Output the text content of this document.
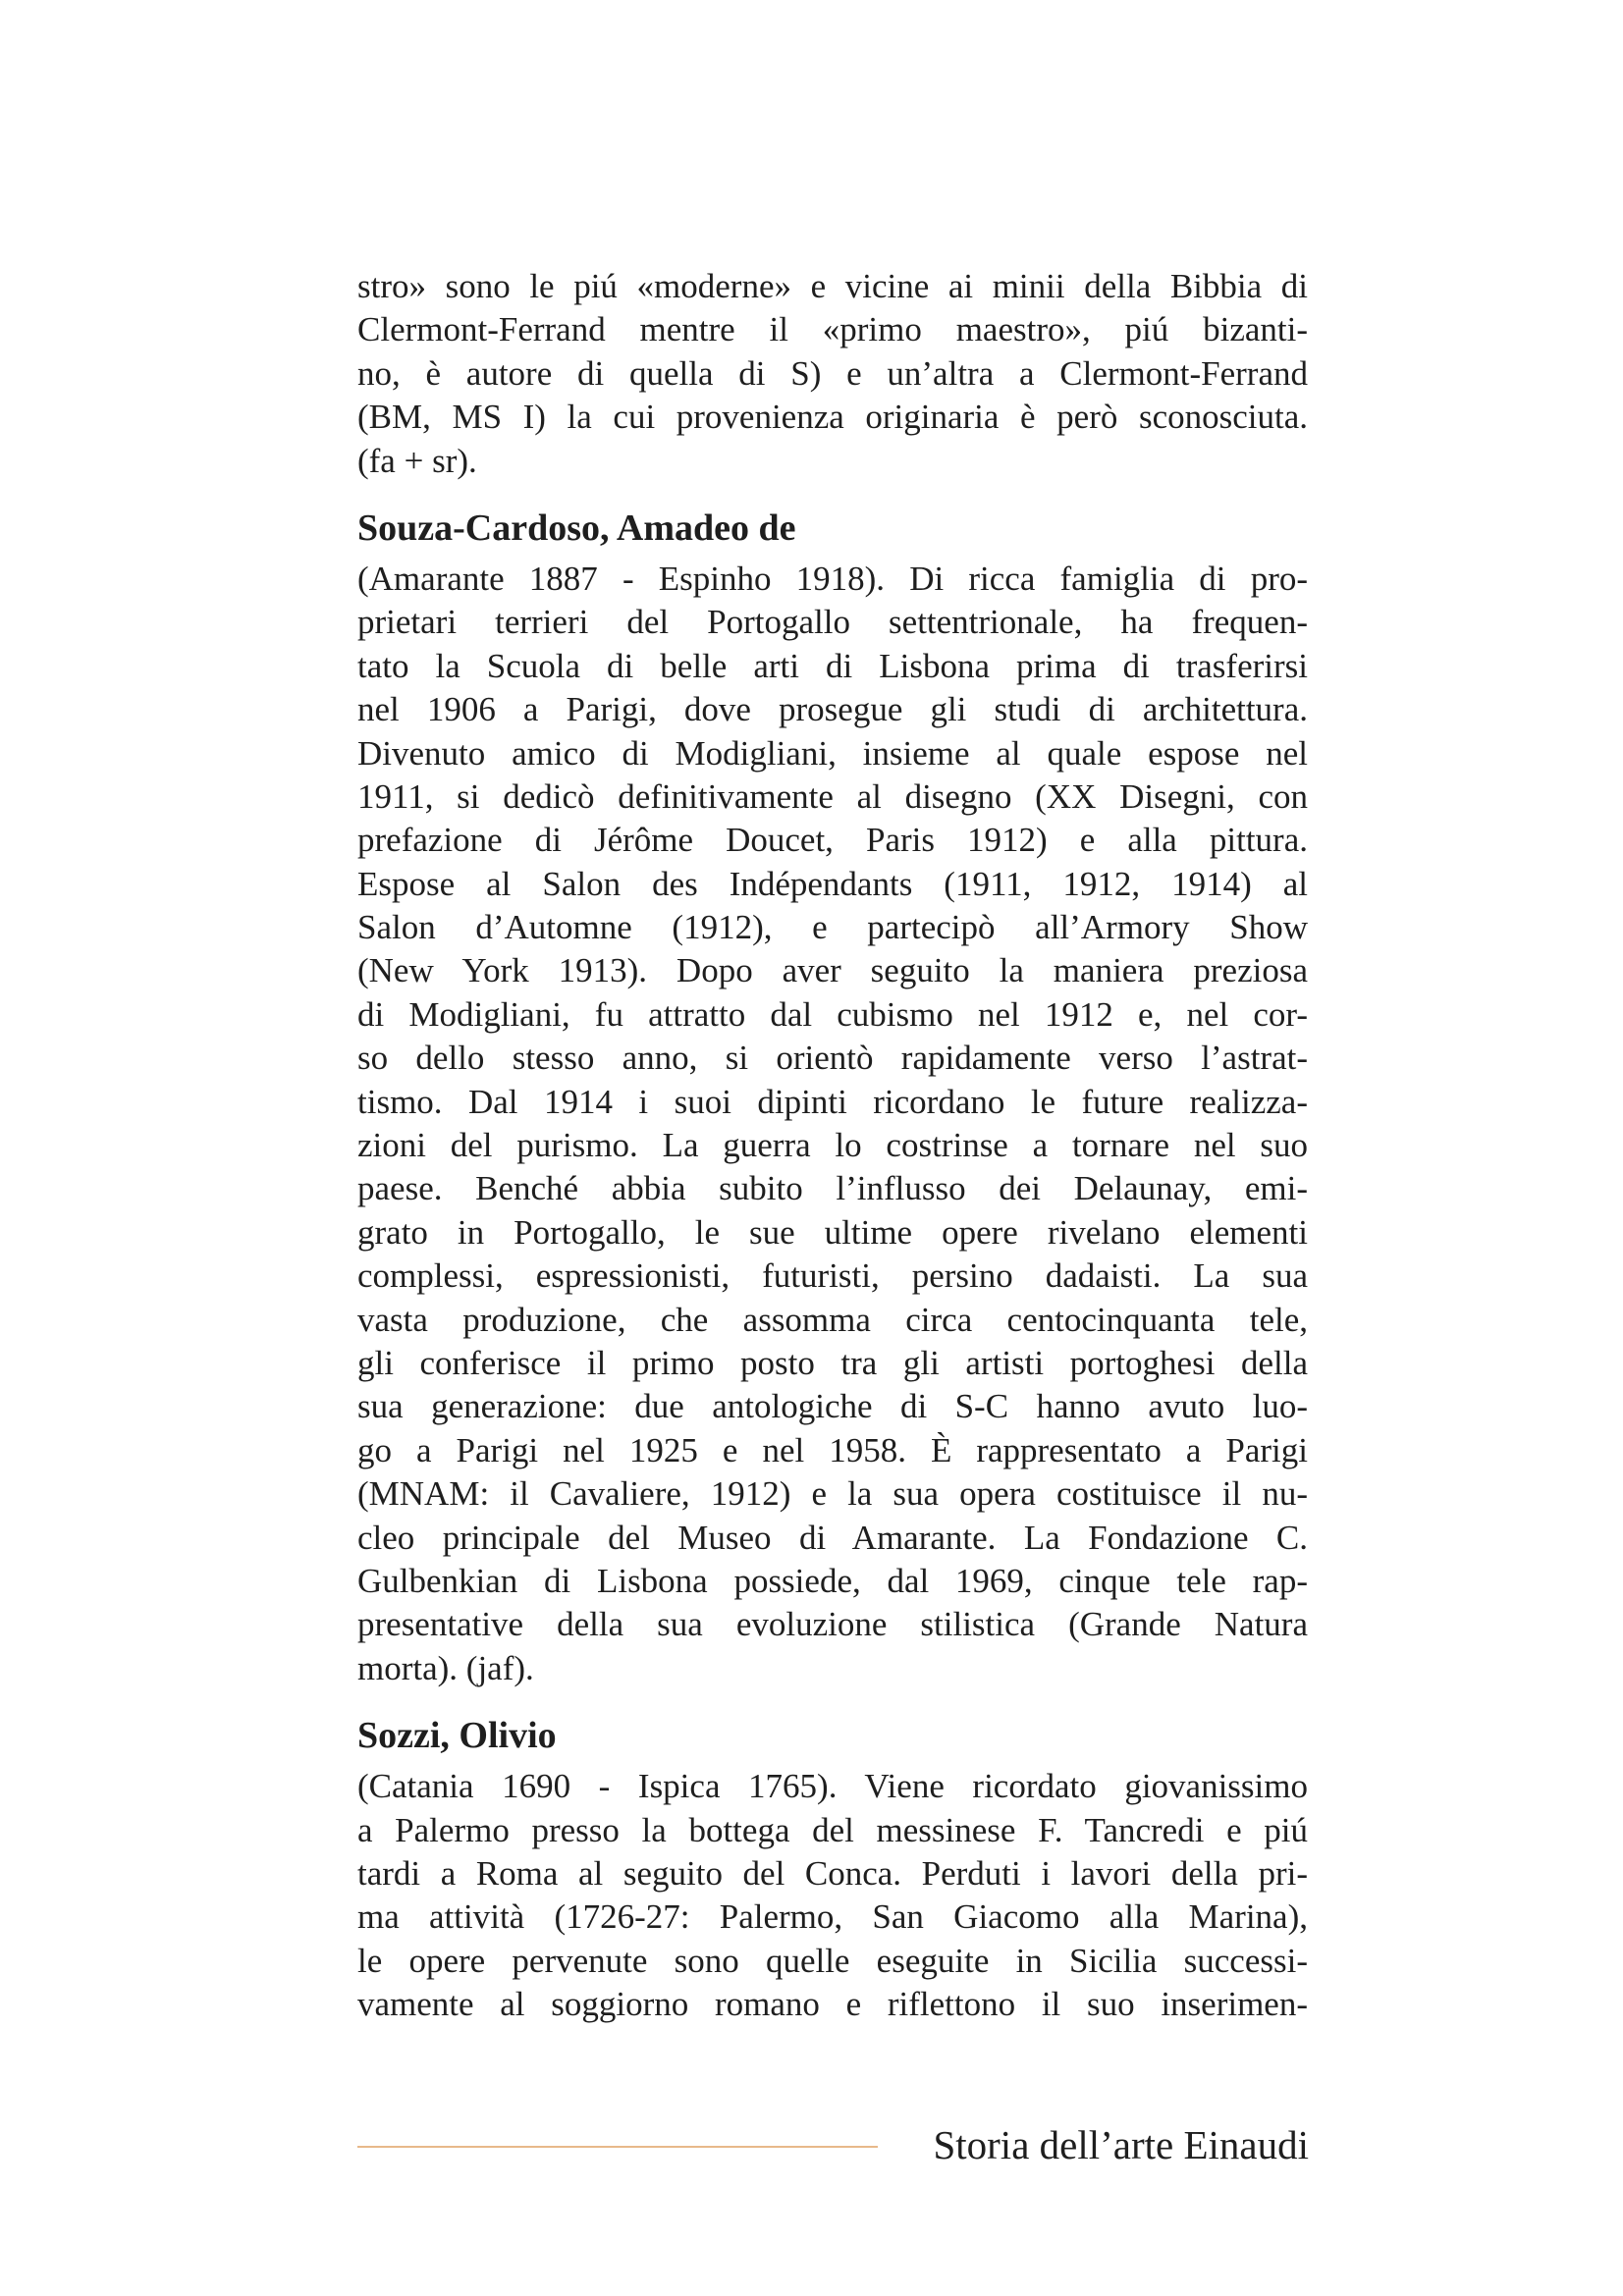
stro» sono le piú «moderne» e vicine ai minii della Bibbia di
Clermont-Ferrand mentre il «primo maestro», piú bizanti-
no, è autore di quella di S) e un’altra a Clermont-Ferrand
(BM, MS I) la cui provenienza originaria è però sconosciuta.
(fa + sr).
Souza-Cardoso, Amadeo de
(Amarante 1887 - Espinho 1918). Di ricca famiglia di pro-
prietari terrieri del Portogallo settentrionale, ha frequen-
tato la Scuola di belle arti di Lisbona prima di trasferirsi
nel 1906 a Parigi, dove prosegue gli studi di architettura.
Divenuto amico di Modigliani, insieme al quale espose nel
1911, si dedicò definitivamente al disegno (XX Disegni, con
prefazione di Jérôme Doucet, Paris 1912) e alla pittura.
Espose al Salon des Indépendants (1911, 1912, 1914) al
Salon d’Automne (1912), e partecipò all’Armory Show
(New York 1913). Dopo aver seguito la maniera preziosa
di Modigliani, fu attratto dal cubismo nel 1912 e, nel cor-
so dello stesso anno, si orientò rapidamente verso l’astrat-
tismo. Dal 1914 i suoi dipinti ricordano le future realizza-
zioni del purismo. La guerra lo costrinse a tornare nel suo
paese. Benché abbia subito l’influsso dei Delaunay, emi-
grato in Portogallo, le sue ultime opere rivelano elementi
complessi, espressionisti, futuristi, persino dadaisti. La sua
vasta produzione, che assomma circa centocinquanta tele,
gli conferisce il primo posto tra gli artisti portoghesi della
sua generazione: due antologiche di S-C hanno avuto luo-
go a Parigi nel 1925 e nel 1958. È rappresentato a Parigi
(MNAM: il Cavaliere, 1912) e la sua opera costituisce il nu-
cleo principale del Museo di Amarante. La Fondazione C.
Gulbenkian di Lisbona possiede, dal 1969, cinque tele rap-
presentative della sua evoluzione stilistica (Grande Natura
morta). (jaf).
Sozzi, Olivio
(Catania 1690 - Ispica 1765). Viene ricordato giovanissimo
a Palermo presso la bottega del messinese F. Tancredi e piú
tardi a Roma al seguito del Conca. Perduti i lavori della pri-
ma attività (1726-27: Palermo, San Giacomo alla Marina),
le opere pervenute sono quelle eseguite in Sicilia successi-
vamente al soggiorno romano e riflettono il suo inserimen-
Storia dell’arte Einaudi
